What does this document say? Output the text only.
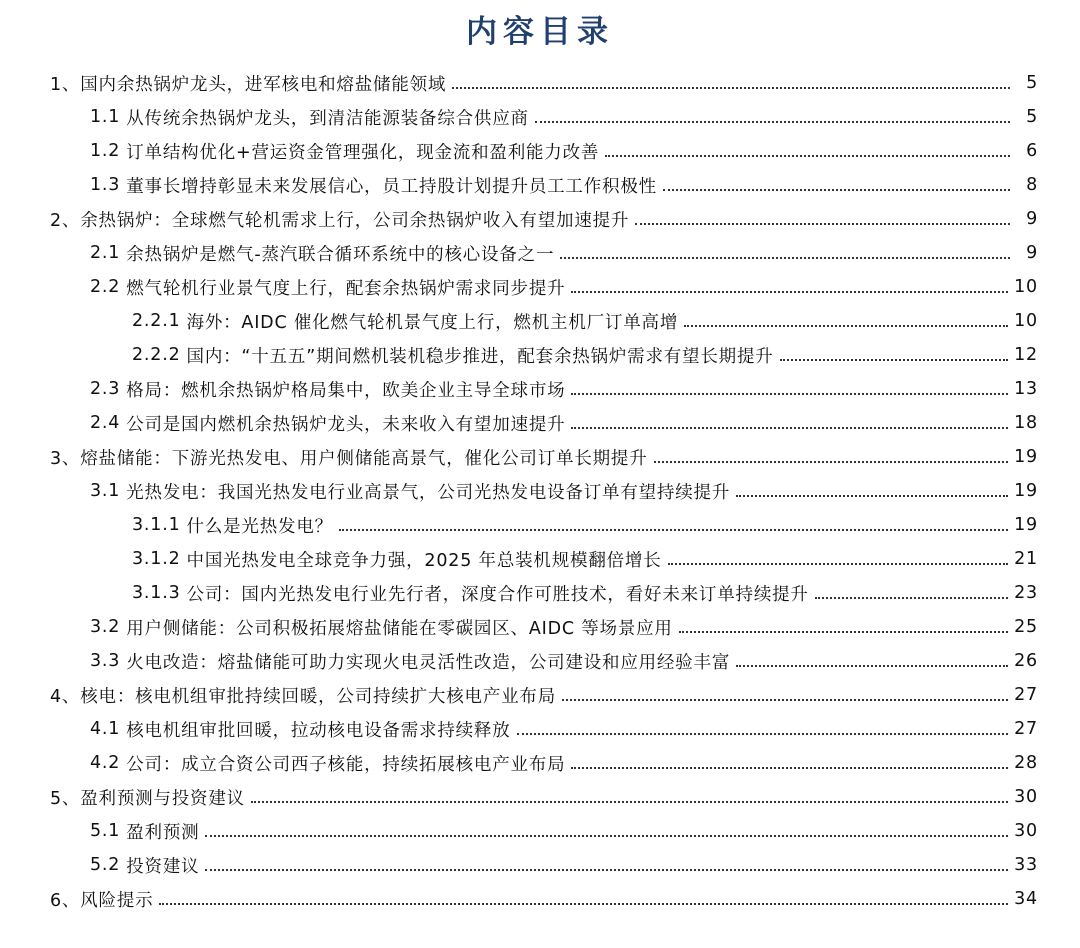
内容目录
1、 国内余热锅炉龙头，进军核电和熔盐储能领域	5
1.1 从传统余热锅炉龙头，到清洁能源装备综合供应商	5
1.2 订单结构优化+营运资金管理强化，现金流和盈利能力改善	6
1.3 董事长增持彰显未来发展信心，员工持股计划提升员工工作积极性	8
2、 余热锅炉：全球燃气轮机需求上行，公司余热锅炉收入有望加速提升	9
2.1 余热锅炉是燃气-蒸汽联合循环系统中的核心设备之一	9
2.2 燃气轮机行业景气度上行，配套余热锅炉需求同步提升	10
2.2.1 海外：AIDC 催化燃气轮机景气度上行，燃机主机厂订单高增	10
2.2.2 国内：“十五五”期间燃机装机稳步推进，配套余热锅炉需求有望长期提升	12
2.3 格局：燃机余热锅炉格局集中，欧美企业主导全球市场	13
2.4 公司是国内燃机余热锅炉龙头，未来收入有望加速提升	18
3、 熔盐储能：下游光热发电、用户侧储能高景气，催化公司订单长期提升	19
3.1 光热发电：我国光热发电行业高景气，公司光热发电设备订单有望持续提升	19
3.1.1 什么是光热发电？	19
3.1.2 中国光热发电全球竞争力强，2025 年总装机规模翻倍增长	21
3.1.3 公司：国内光热发电行业先行者，深度合作可胜技术，看好未来订单持续提升	23
3.2 用户侧储能：公司积极拓展熔盐储能在零碳园区、AIDC 等场景应用	25
3.3 火电改造：熔盐储能可助力实现火电灵活性改造，公司建设和应用经验丰富	26
4、 核电：核电机组审批持续回暖，公司持续扩大核电产业布局	27
4.1 核电机组审批回暖，拉动核电设备需求持续释放	27
4.2 公司：成立合资公司西子核能，持续拓展核电产业布局	28
5、 盈利预测与投资建议	30
5.1 盈利预测	30
5.2 投资建议	33
6、 风险提示	34
